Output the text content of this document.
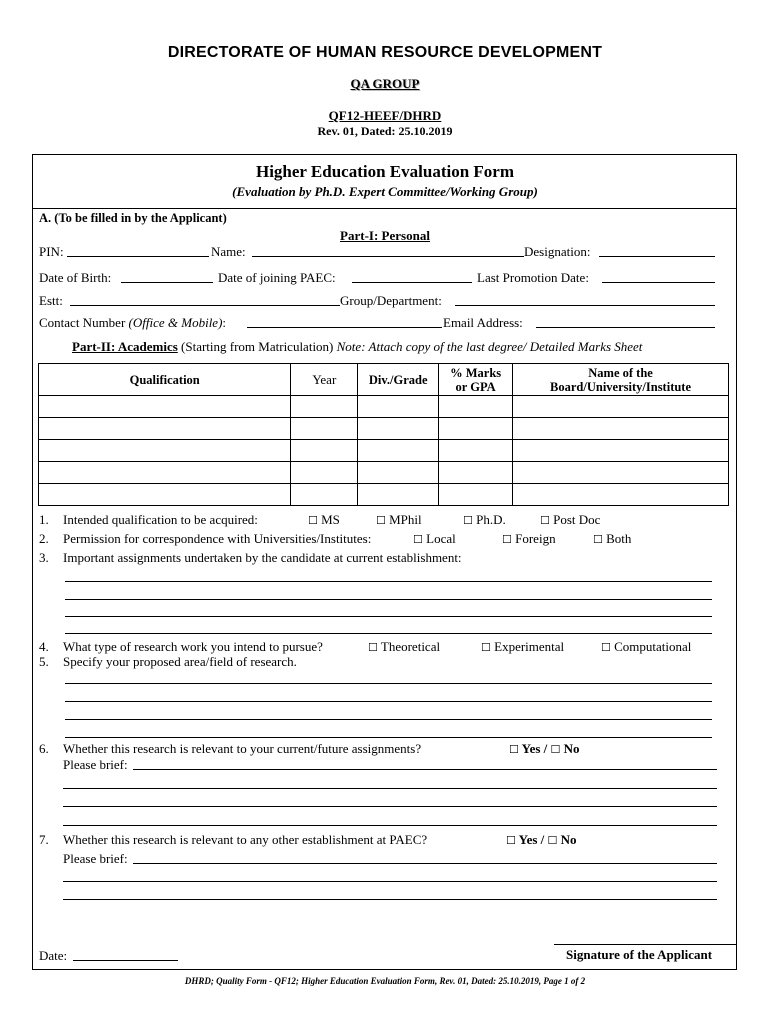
DIRECTORATE OF HUMAN RESOURCE DEVELOPMENT
QA GROUP
QF12-HEEF/DHRD
Rev. 01, Dated: 25.10.2019
Higher Education Evaluation Form
(Evaluation by Ph.D. Expert Committee/Working Group)
A. (To be filled in by the Applicant)
Part-I: Personal
PIN:	Name:	Designation:
Date of Birth:	Date of joining PAEC:	Last Promotion Date:
Estt:	Group/Department:
Contact Number (Office & Mobile):	Email Address:
Part-II: Academics (Starting from Matriculation) Note: Attach copy of the last degree/ Detailed Marks Sheet
Qualification	Year	Div./Grade	% Marks or GPA	Name of the Board/University/Institute

1. Intended qualification to be acquired:	☐ MS	☐ MPhil	☐ Ph.D.	☐ Post Doc
2. Permission for correspondence with Universities/Institutes:	☐ Local	☐ Foreign	☐ Both
3. Important assignments undertaken by the candidate at current establishment:
4. What type of research work you intend to pursue?	☐ Theoretical	☐ Experimental	☐ Computational
5. Specify your proposed area/field of research.
6. Whether this research is relevant to your current/future assignments?	☐ Yes / ☐ No
Please brief:
7. Whether this research is relevant to any other establishment at PAEC?	☐ Yes / ☐ No
Please brief:
Date:	Signature of the Applicant
DHRD; Quality Form - QF12; Higher Education Evaluation Form, Rev. 01, Dated: 25.10.2019, Page 1 of 2
